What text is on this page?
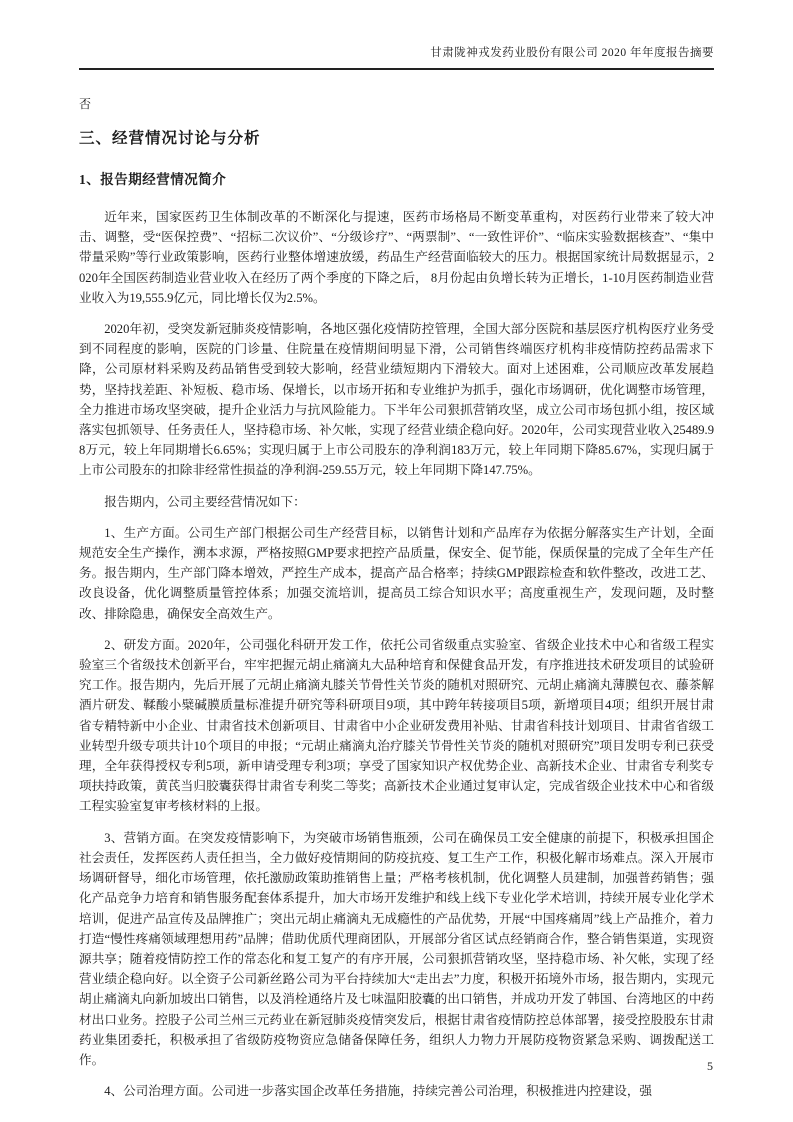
甘肃陇神戎发药业股份有限公司 2020 年年度报告摘要
否
三、经营情况讨论与分析
1、报告期经营情况简介

近年来，国家医药卫生体制改革的不断深化与提速，医药市场格局不断变革重构，对医药行业带来了较大冲击、调整，受“医保控费”、“招标二次议价”、“分级诊疗”、“两票制”、“一致性评价”、“临床实验数据核查”、“集中带量采购”等行业政策影响，医药行业整体增速放缓，药品生产经营面临较大的压力。根据国家统计局数据显示，2020年全国医药制造业营业收入在经历了两个季度的下降之后， 8月份起由负增长转为正增长，1-10月医药制造业营业收入为19,555.9亿元，同比增长仅为2.5%。

2020年初，受突发新冠肺炎疫情影响，各地区强化疫情防控管理，全国大部分医院和基层医疗机构医疗业务受到不同程度的影响，医院的门诊量、住院量在疫情期间明显下滑，公司销售终端医疗机构非疫情防控药品需求下降，公司原材料采购及药品销售受到较大影响，经营业绩短期内下滑较大。面对上述困难，公司顺应改革发展趋势，坚持找差距、补短板、稳市场、保增长，以市场开拓和专业维护为抓手，强化市场调研，优化调整市场管理，全力推进市场攻坚突破，提升企业活力与抗风险能力。下半年公司狠抓营销攻坚，成立公司市场包抓小组，按区域落实包抓领导、任务责任人，坚持稳市场、补欠帐，实现了经营业绩企稳向好。2020年，公司实现营业收入25489.98万元，较上年同期增长6.65%；实现归属于上市公司股东的净利润183万元，较上年同期下降85.67%，实现归属于上市公司股东的扣除非经常性损益的净利润-259.55万元，较上年同期下降147.75%。

报告期内，公司主要经营情况如下：

1、生产方面。公司生产部门根据公司生产经营目标，以销售计划和产品库存为依据分解落实生产计划，全面规范安全生产操作，溯本求源，严格按照GMP要求把控产品质量，保安全、促节能，保质保量的完成了全年生产任务。报告期内，生产部门降本增效，严控生产成本，提高产品合格率；持续GMP跟踪检查和软件整改，改进工艺、改良设备，优化调整质量管控体系；加强交流培训，提高员工综合知识水平；高度重视生产，发现问题，及时整改、排除隐患，确保安全高效生产。

2、研发方面。2020年，公司强化科研开发工作，依托公司省级重点实验室、省级企业技术中心和省级工程实验室三个省级技术创新平台，牢牢把握元胡止痛滴丸大品种培育和保健食品开发，有序推进技术研发项目的试验研究工作。报告期内，先后开展了元胡止痛滴丸膝关节骨性关节炎的随机对照研究、元胡止痛滴丸薄膜包衣、藤茶解酒片研发、鞣酸小檗碱膜质量标准提升研究等科研项目9项，其中跨年转接项目5项，新增项目4项；组织开展甘肃省专精特新中小企业、甘肃省技术创新项目、甘肃省中小企业研发费用补贴、甘肃省科技计划项目、甘肃省省级工业转型升级专项共计10个项目的申报；“元胡止痛滴丸治疗膝关节骨性关节炎的随机对照研究”项目发明专利已获受理，全年获得授权专利5项，新申请受理专利3项；享受了国家知识产权优势企业、高新技术企业、甘肃省专利奖专项扶持政策，黄芪当归胶囊获得甘肃省专利奖二等奖；高新技术企业通过复审认定，完成省级企业技术中心和省级工程实验室复审考核材料的上报。

3、营销方面。在突发疫情影响下，为突破市场销售瓶颈，公司在确保员工安全健康的前提下，积极承担国企社会责任，发挥医药人责任担当，全力做好疫情期间的防疫抗疫、复工生产工作，积极化解市场难点。深入开展市场调研督导，细化市场管理，依托激励政策助推销售上量；严格考核机制，优化调整人员建制，加强普药销售；强化产品竞争力培育和销售服务配套体系提升，加大市场开发维护和线上线下专业化学术培训，持续开展专业化学术培训，促进产品宣传及品牌推广；突出元胡止痛滴丸无成瘾性的产品优势，开展“中国疼痛周”线上产品推介，着力打造“慢性疼痛领域理想用药”品牌；借助优质代理商团队，开展部分省区试点经销商合作，整合销售渠道，实现资源共享；随着疫情防控工作的常态化和复工复产的有序开展，公司狠抓营销攻坚，坚持稳市场、补欠帐，实现了经营业绩企稳向好。以全资子公司新丝路公司为平台持续加大“走出去”力度，积极开拓境外市场，报告期内，实现元胡止痛滴丸向新加坡出口销售，以及消栓通络片及七味温阳胶囊的出口销售，并成功开发了韩国、台湾地区的中药材出口业务。控股子公司兰州三元药业在新冠肺炎疫情突发后，根据甘肃省疫情防控总体部署，接受控股股东甘肃药业集团委托，积极承担了省级防疫物资应急储备保障任务，组织人力物力开展防疫物资紧急采购、调拨配送工作。

4、公司治理方面。公司进一步落实国企改革任务措施，持续完善公司治理，积极推进内控建设，强

5
